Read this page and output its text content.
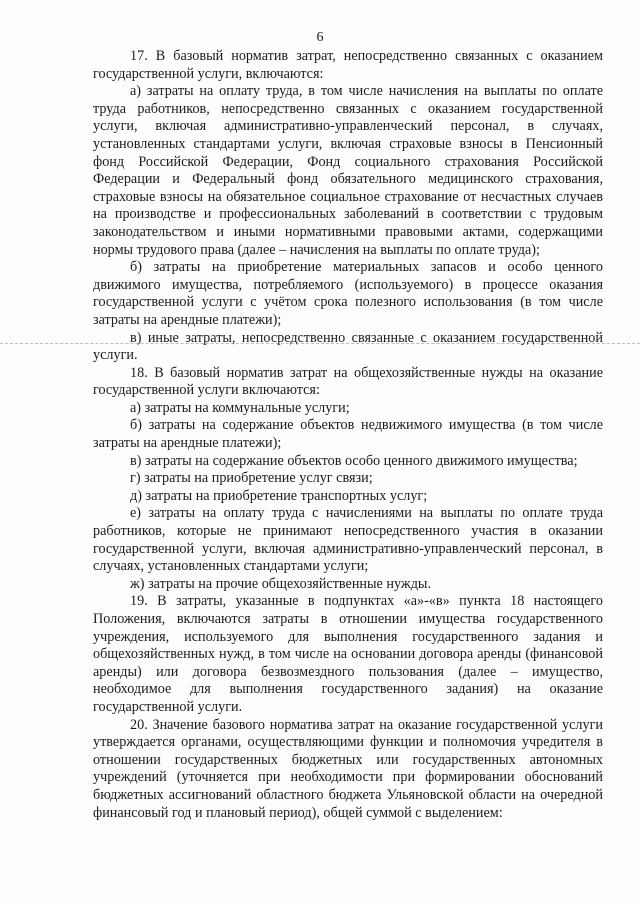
6

17. В базовый норматив затрат, непосредственно связанных с оказанием государственной услуги, включаются:

а) затраты на оплату труда, в том числе начисления на выплаты по оплате труда работников, непосредственно связанных с оказанием государственной услуги, включая административно-управленческий персонал, в случаях, установленных стандартами услуги, включая страховые взносы в Пенсионный фонд Российской Федерации, Фонд социального страхования Российской Федерации и Федеральный фонд обязательного медицинского страхования, страховые взносы на обязательное социальное страхование от несчастных случаев на производстве и профессиональных заболеваний в соответствии с трудовым законодательством и иными нормативными правовыми актами, содержащими нормы трудового права (далее – начисления на выплаты по оплате труда);

б) затраты на приобретение материальных запасов и особо ценного движимого имущества, потребляемого (используемого) в процессе оказания государственной услуги с учётом срока полезного использования (в том числе затраты на арендные платежи);

в) иные затраты, непосредственно связанные с оказанием государственной услуги.

18. В базовый норматив затрат на общехозяйственные нужды на оказание государственной услуги включаются:

а) затраты на коммунальные услуги;

б) затраты на содержание объектов недвижимого имущества (в том числе затраты на арендные платежи);

в) затраты на содержание объектов особо ценного движимого имущества;

г) затраты на приобретение услуг связи;

д) затраты на приобретение транспортных услуг;

е) затраты на оплату труда с начислениями на выплаты по оплате труда работников, которые не принимают непосредственного участия в оказании государственной услуги, включая административно-управленческий персонал, в случаях, установленных стандартами услуги;

ж) затраты на прочие общехозяйственные нужды.

19. В затраты, указанные в подпунктах «а»-«в» пункта 18 настоящего Положения, включаются затраты в отношении имущества государственного учреждения, используемого для выполнения государственного задания и общехозяйственных нужд, в том числе на основании договора аренды (финансовой аренды) или договора безвозмездного пользования (далее – имущество, необходимое для выполнения государственного задания) на оказание государственной услуги.

20. Значение базового норматива затрат на оказание государственной услуги утверждается органами, осуществляющими функции и полномочия учредителя в отношении государственных бюджетных или государственных автономных учреждений (уточняется при необходимости при формировании обоснований бюджетных ассигнований областного бюджета Ульяновской области на очередной финансовый год и плановый период), общей суммой с выделением:
